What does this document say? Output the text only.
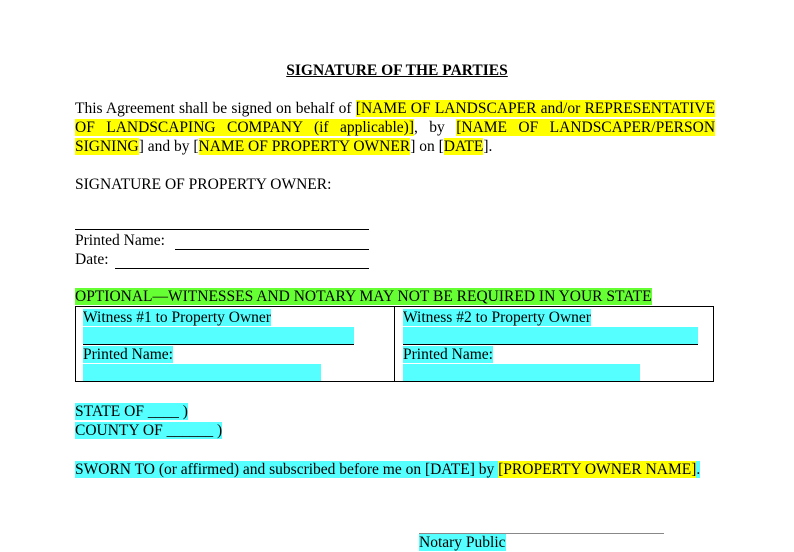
SIGNATURE OF THE PARTIES
This Agreement shall be signed on behalf of [NAME OF LANDSCAPER and/or REPRESENTATIVE OF LANDSCAPING COMPANY (if applicable)], by [NAME OF LANDSCAPER/PERSON SIGNING] and by [NAME OF PROPERTY OWNER] on [DATE].
SIGNATURE OF PROPERTY OWNER:
Printed Name:
Date:
OPTIONAL—WITNESSES AND NOTARY MAY NOT BE REQUIRED IN YOUR STATE
Witness #1 to Property Owner
Printed Name:
Witness #2 to Property Owner
Printed Name:
STATE OF ____ )
COUNTY OF ______ )
SWORN TO (or affirmed) and subscribed before me on [DATE] by [PROPERTY OWNER NAME].
Notary Public
